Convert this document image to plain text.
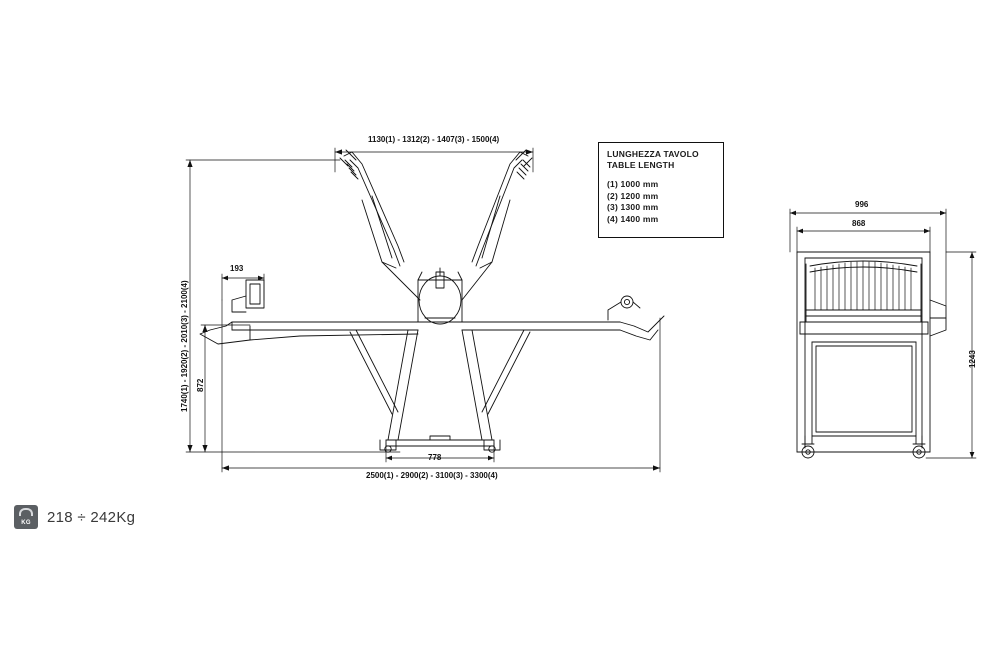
1130(1) - 1312(2) - 1407(3) - 1500(4)
1740(1) - 1920(2) - 2010(3) - 2100(4) 872
193
778
2500(1) - 2900(2) - 3100(3) - 3300(4)
996
868
1243
LUNGHEZZA TAVOLO
TABLE LENGTH
(1) 1000 mm
(2) 1200 mm
(3) 1300 mm
(4) 1400 mm
KG 218 ÷ 242Kg
